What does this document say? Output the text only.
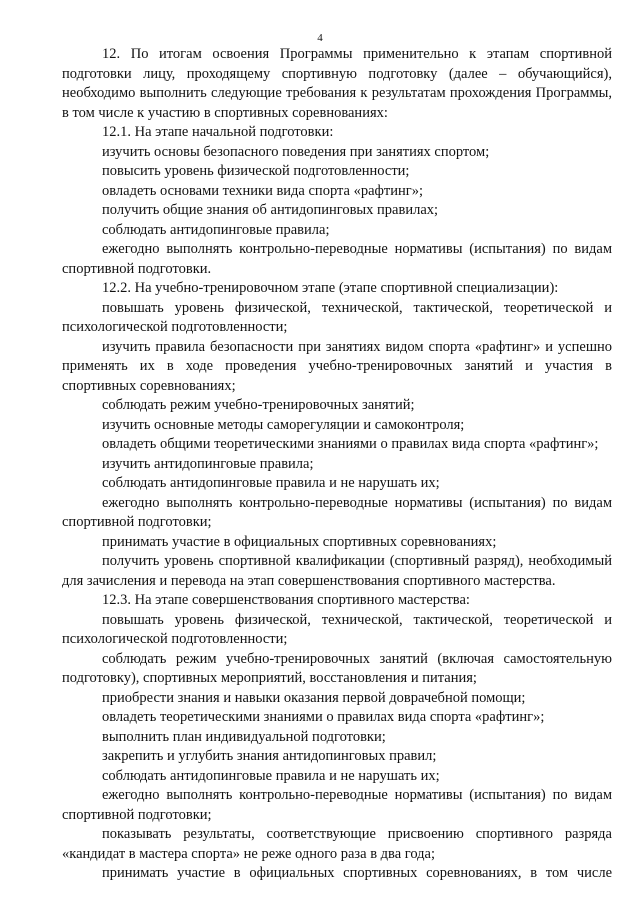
4

12. По итогам освоения Программы применительно к этапам спортивной подготовки лицу, проходящему спортивную подготовку (далее – обучающийся), необходимо выполнить следующие требования к результатам прохождения Программы, в том числе к участию в спортивных соревнованиях:

12.1. На этапе начальной подготовки:

изучить основы безопасного поведения при занятиях спортом;

повысить уровень физической подготовленности;

овладеть основами техники вида спорта «рафтинг»;

получить общие знания об антидопинговых правилах;

соблюдать антидопинговые правила;

ежегодно выполнять контрольно-переводные нормативы (испытания) по видам спортивной подготовки.

12.2. На учебно-тренировочном этапе (этапе спортивной специализации):

повышать уровень физической, технической, тактической, теоретической и психологической подготовленности;

изучить правила безопасности при занятиях видом спорта «рафтинг» и успешно применять их в ходе проведения учебно-тренировочных занятий и участия в спортивных соревнованиях;

соблюдать режим учебно-тренировочных занятий;

изучить основные методы саморегуляции и самоконтроля;

овладеть общими теоретическими знаниями о правилах вида спорта «рафтинг»;

изучить антидопинговые правила;

соблюдать антидопинговые правила и не нарушать их;

ежегодно выполнять контрольно-переводные нормативы (испытания) по видам спортивной подготовки;

принимать участие в официальных спортивных соревнованиях;

получить уровень спортивной квалификации (спортивный разряд), необходимый для зачисления и перевода на этап совершенствования спортивного мастерства.

12.3. На этапе совершенствования спортивного мастерства:

повышать уровень физической, технической, тактической, теоретической и психологической подготовленности;

соблюдать режим учебно-тренировочных занятий (включая самостоятельную подготовку), спортивных мероприятий, восстановления и питания;

приобрести знания и навыки оказания первой доврачебной помощи;

овладеть теоретическими знаниями о правилах вида спорта «рафтинг»;

выполнить план индивидуальной подготовки;

закрепить и углубить знания антидопинговых правил;

соблюдать антидопинговые правила и не нарушать их;

ежегодно выполнять контрольно-переводные нормативы (испытания) по видам спортивной подготовки;

показывать результаты, соответствующие присвоению спортивного разряда «кандидат в мастера спорта» не реже одного раза в два года;

принимать участие в официальных спортивных соревнованиях, в том числе
